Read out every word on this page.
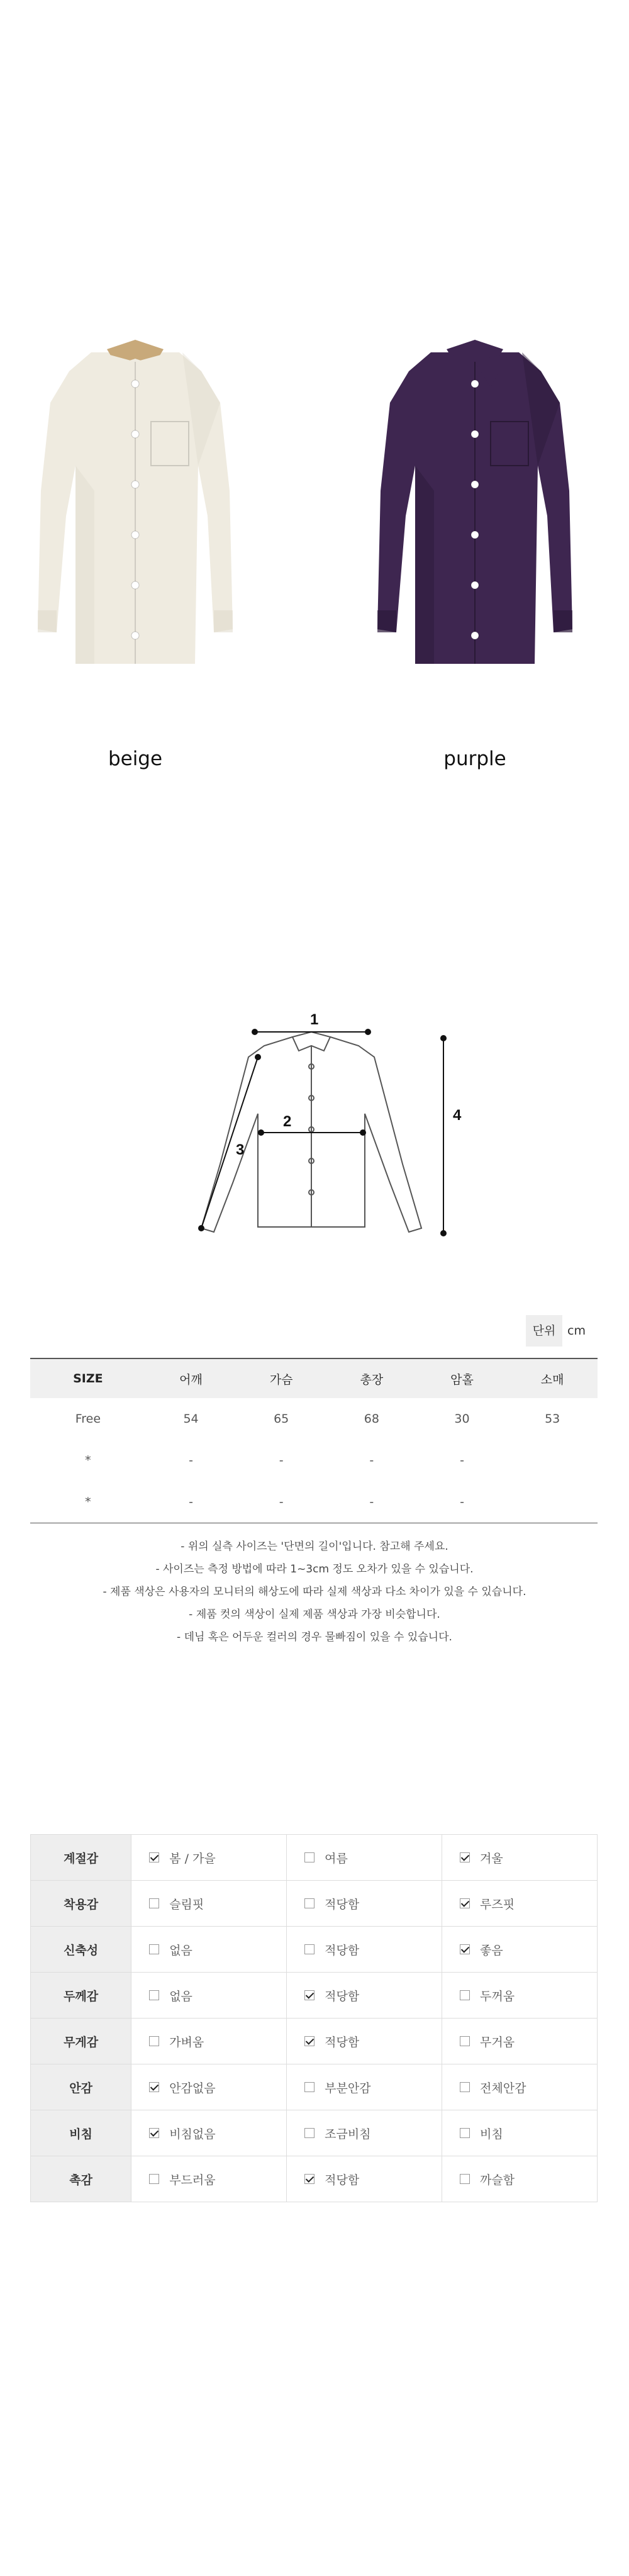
beige	purple
1
2
3
4
단위 cm
SIZE	어깨	가슴	총장	암홀	소매
Free	54	65	68	30	53
*	-	-	-	-	
*	-	-	-	-	
- 위의 실측 사이즈는 '단면의 길이'입니다. 참고해 주세요.
- 사이즈는 측정 방법에 따라 1~3cm 정도 오차가 있을 수 있습니다.
- 제품 색상은 사용자의 모니터의 해상도에 따라 실제 색상과 다소 차이가 있을 수 있습니다.
- 제품 컷의 색상이 실제 제품 색상과 가장 비슷합니다.
- 데님 혹은 어두운 컬러의 경우 물빠짐이 있을 수 있습니다.
계절감	봄 / 가을	여름	겨울
착용감	슬림핏	적당함	루즈핏
신축성	없음	적당함	좋음
두께감	없음	적당함	두꺼움
무게감	가벼움	적당함	무거움
안감	안감없음	부분안감	전체안감
비침	비침없음	조금비침	비침
촉감	부드러움	적당함	까슬함
